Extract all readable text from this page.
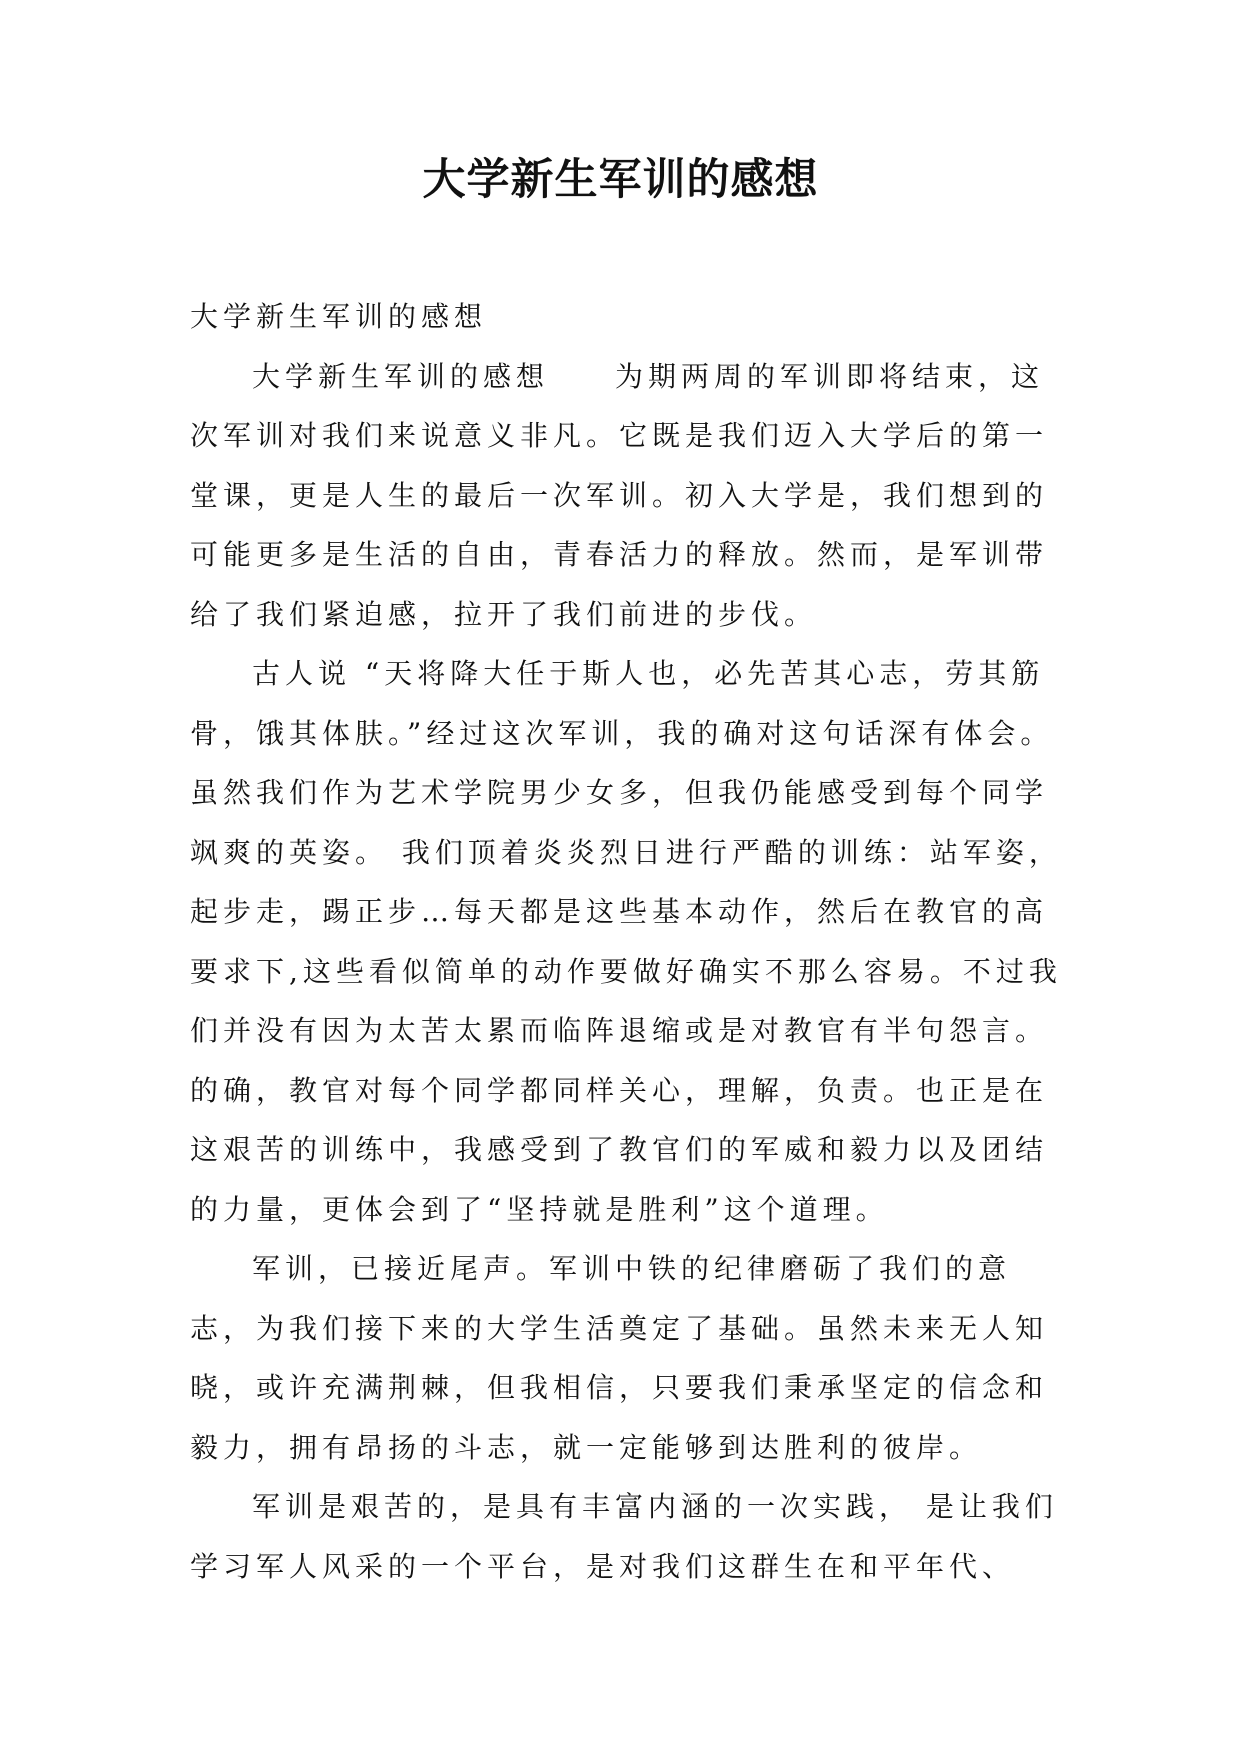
大学新生军训的感想

大学新生军训的感想

大学新生军训的感想　　为期两周的军训即将结束，这次军训对我们来说意义非凡。它既是我们迈入大学后的第一堂课，更是人生的最后一次军训。初入大学是，我们想到的可能更多是生活的自由，青春活力的释放。然而，是军训带给了我们紧迫感，拉开了我们前进的步伐。

古人说 “天将降大任于斯人也，必先苦其心志，劳其筋骨，饿其体肤。”经过这次军训，我的确对这句话深有体会。虽然我们作为艺术学院男少女多，但我仍能感受到每个同学飒爽的英姿。 我们顶着炎炎烈日进行严酷的训练：站军姿，起步走，踢正步…每天都是这些基本动作，然后在教官的高要求下,这些看似简单的动作要做好确实不那么容易。不过我们并没有因为太苦太累而临阵退缩或是对教官有半句怨言。的确，教官对每个同学都同样关心，理解，负责。也正是在这艰苦的训练中，我感受到了教官们的军威和毅力以及团结的力量，更体会到了“坚持就是胜利”这个道理。

军训，已接近尾声。军训中铁的纪律磨砺了我们的意志，为我们接下来的大学生活奠定了基础。虽然未来无人知晓，或许充满荆棘，但我相信，只要我们秉承坚定的信念和毅力，拥有昂扬的斗志，就一定能够到达胜利的彼岸。

军训是艰苦的，是具有丰富内涵的一次实践， 是让我们学习军人风采的一个平台，是对我们这群生在和平年代、
